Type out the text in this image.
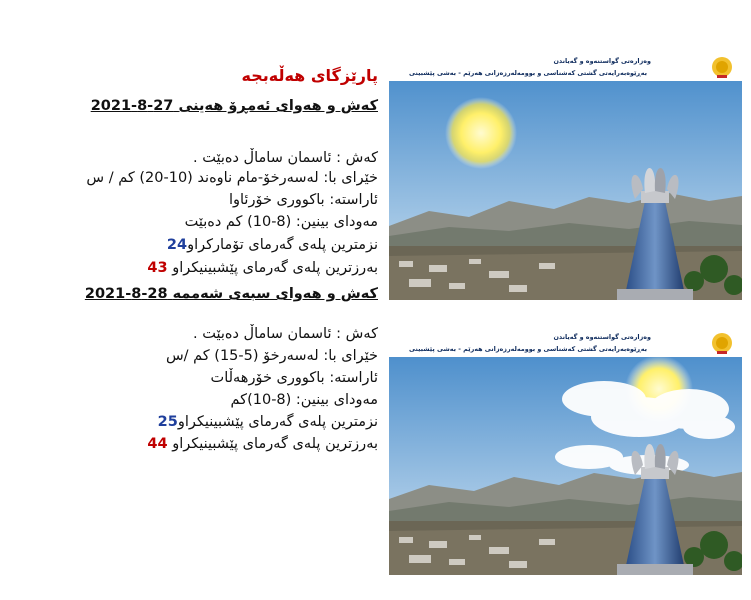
پارێزگای هەڵەبجە
کەش و هەوای ئەمڕۆ هەینی 27-8-2021
کەش : ئاسمان ساماڵ دەبێت .
خێرای با: لەسەرخۆ-مام ناوەند (10-20) کم / س
ئاراستە: باکووری خۆرئاوا
مەودای بینین: (8-10) کم دەبێت
نزمترین پلەی گەرمای تۆمارکراو24
بەرزترین پلەی گەرمای پێشبینیکراو 43
کەش و هەوای سبەی شەممە 28-8-2021
کەش : ئاسمان ساماڵ دەبێت .
خێرای با: لەسەرخۆ (5-15) کم /س
ئاراستە: باکووری خۆرهەڵات
مەودای بینین: (8-10)کم
نزمترین پلەی گەرمای پێشبینیکراو25
بەرزترین پلەی گەرمای پێشبینیکراو 44
وەزارەتی گواستنەوە و گەیاندن
بەڕێوەبەرایەتی گشتی کەشناسی و بوومەلەرزەزانی هەرێم - بەشی پێشبینی
وەزارەتی گواستنەوە و گەیاندن
بەڕێوەبەرایەتی گشتی کەشناسی و بوومەلەرزەزانی هەرێم - بەشی پێشبینی
